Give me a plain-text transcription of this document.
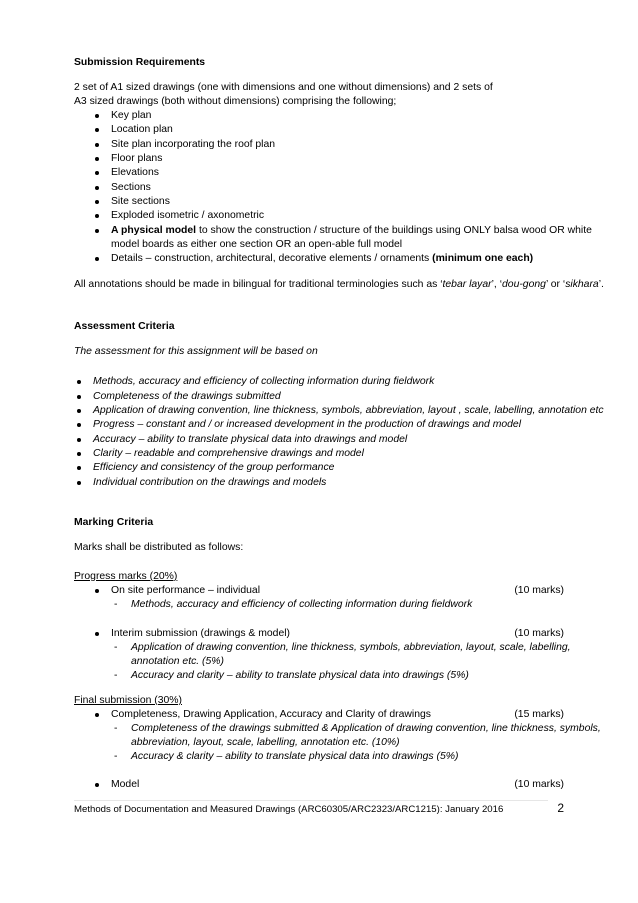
Submission Requirements
2 set of A1 sized drawings (one with dimensions and one without dimensions) and 2 sets of
A3 sized drawings (both without dimensions) comprising the following;
Key plan
Location plan
Site plan incorporating the roof plan
Floor plans
Elevations
Sections
Site sections
Exploded isometric / axonometric
A physical model to show the construction / structure of the buildings using ONLY balsa wood OR white
model boards as either one section OR an open-able full model
Details – construction, architectural, decorative elements / ornaments (minimum one each)
All annotations should be made in bilingual for traditional terminologies such as ‘tebar layar’, ‘dou-gong’ or ‘sikhara’.
Assessment Criteria
The assessment for this assignment will be based on
Methods, accuracy and efficiency of collecting information during fieldwork
Completeness of the drawings submitted
Application of drawing convention, line thickness, symbols, abbreviation, layout , scale, labelling, annotation etc
Progress – constant and / or increased development in the production of drawings and model
Accuracy – ability to translate physical data into drawings and model
Clarity – readable and comprehensive drawings and model
Efficiency and consistency of the group performance
Individual contribution on the drawings and models
Marking Criteria
Marks shall be distributed as follows:
Progress marks (20%)
On site performance – individual	(10 marks)
- Methods, accuracy and efficiency of collecting information during fieldwork
Interim submission (drawings & model)	(10 marks)
- Application of drawing convention, line thickness, symbols, abbreviation, layout, scale, labelling,
annotation etc. (5%)
- Accuracy and clarity – ability to translate physical data into drawings (5%)
Final submission (30%)
Completeness, Drawing Application, Accuracy and Clarity of drawings	(15 marks)
- Completeness of the drawings submitted & Application of drawing convention, line thickness, symbols,
abbreviation, layout, scale, labelling, annotation etc. (10%)
- Accuracy & clarity – ability to translate physical data into drawings (5%)
Model	(10 marks)
Methods of Documentation and Measured Drawings (ARC60305/ARC2323/ARC1215): January 2016	2
